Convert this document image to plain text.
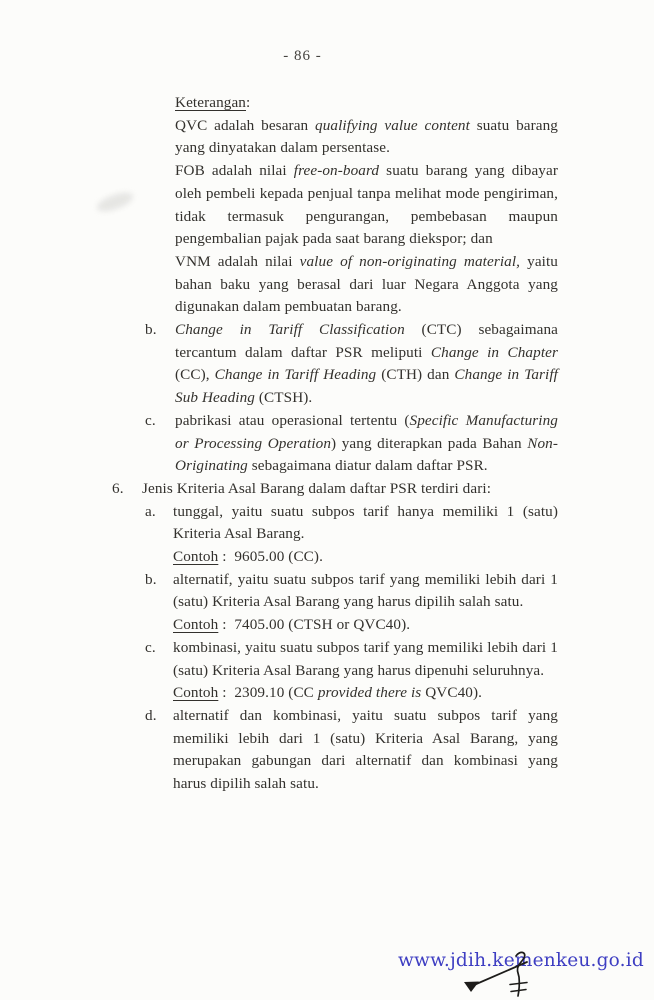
- 86 -

Keterangan:

QVC adalah besaran qualifying value content suatu barang yang dinyatakan dalam persentase.

FOB adalah nilai free-on-board suatu barang yang dibayar oleh pembeli kepada penjual tanpa melihat mode pengiriman, tidak termasuk pengurangan, pembebasan maupun pengembalian pajak pada saat barang diekspor; dan

VNM adalah nilai value of non-originating material, yaitu bahan baku yang berasal dari luar Negara Anggota yang digunakan dalam pembuatan barang.

b. Change in Tariff Classification (CTC) sebagaimana tercantum dalam daftar PSR meliputi Change in Chapter (CC), Change in Tariff Heading (CTH) dan Change in Tariff Sub Heading (CTSH).

c. pabrikasi atau operasional tertentu (Specific Manufacturing or Processing Operation) yang diterapkan pada Bahan Non-Originating sebagaimana diatur dalam daftar PSR.

6. Jenis Kriteria Asal Barang dalam daftar PSR terdiri dari:

a. tunggal, yaitu suatu subpos tarif hanya memiliki 1 (satu) Kriteria Asal Barang.

Contoh :  9605.00 (CC).

b. alternatif, yaitu suatu subpos tarif yang memiliki lebih dari 1 (satu) Kriteria Asal Barang yang harus dipilih salah satu.

Contoh :  7405.00 (CTSH or QVC40).

c. kombinasi, yaitu suatu subpos tarif yang memiliki lebih dari 1 (satu) Kriteria Asal Barang yang harus dipenuhi seluruhnya.

Contoh :  2309.10 (CC provided there is QVC40).

d. alternatif dan kombinasi, yaitu suatu subpos tarif yang memiliki lebih dari 1 (satu) Kriteria Asal Barang, yang merupakan gabungan dari alternatif dan kombinasi yang harus dipilih salah satu.

www.jdih.kemenkeu.go.id
